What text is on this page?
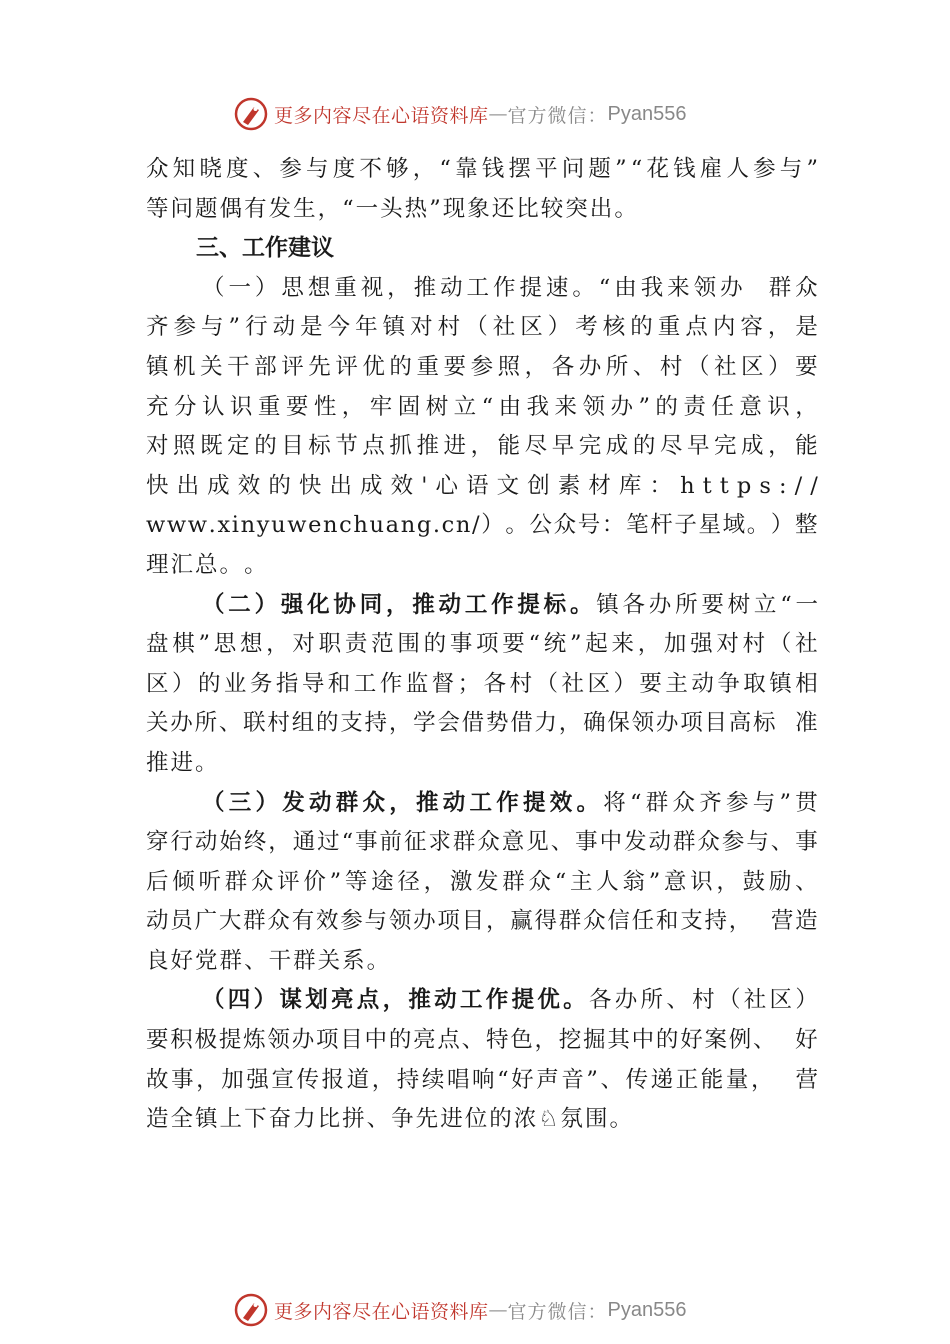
更多内容尽在心语资料库 — 官方微信： Pyan556
众 知 晓 度 、 参 与 度 不 够 ， “ 靠 钱 摆 平 问 题 ” “ 花 钱 雇 人 参 与 ”
等 问 题 偶 有 发 生 ， “ 一 头 热 ” 现 象 还 比 较 突 出 。
三、工作建议
（ 一 ） 思 想 重 视 ， 推 动 工 作 提 速 。 “ 由 我 来 领 办

群 众
齐 参 与 ” 行 动 是 今 年 镇 对 村 （ 社 区 ） 考 核 的 重 点 内 容 ， 是
镇 机 关 干 部 评 先 评 优 的 重 要 参 照 ， 各 办 所 、 村 （ 社 区 ） 要
充 分 认 识 重 要 性 ， 牢 固 树 立 “ 由 我 来 领 办 ” 的 责 任 意 识 ，
对 照 既 定 的 目 标 节 点 抓 推 进 ， 能 尽 早 完 成 的 尽 早 完 成 ， 能
快 出 成 效 的 快 出 成 效 ' 心 语 文 创 素 材 库 ： h t t p s : / /
w w w . x i n y u w e n c h u a n g . c n / ） 。 公 众 号 ： 笔 杆 子 星 域 。 ） 整
理 汇 总 。 。
（ 二 ） 强 化 协 同 ， 推 动 工 作 提 标 。 镇 各 办 所 要 树 立 “ 一
盘 棋 ” 思 想 ， 对 职 责 范 围 的 事 项 要 “ 统 ” 起 来 ， 加 强 对 村 （ 社
区 ） 的 业 务 指 导 和 工 作 监 督 ； 各 村 （ 社 区 ） 要 主 动 争 取 镇 相
关 办 所 、 联 村 组 的 支 持 ， 学 会 借 势 借 力 ， 确 保 领 办 项 目 高 标

准
推 进 。
（ 三 ） 发 动 群 众 ， 推 动 工 作 提 效 。 将 “ 群 众 齐 参 与 ” 贯
穿 行 动 始 终 ， 通 过 “ 事 前 征 求 群 众 意 见 、 事 中 发 动 群 众 参 与 、 事
后 倾 听 群 众 评 价 ” 等 途 径 ， 激 发 群 众 “ 主 人 翁 ” 意 识 ， 鼓 励 、
动 员 广 大 群 众 有 效 参 与 领 办 项 目 ， 赢 得 群 众 信 任 和 支 持 ，

营 造
良 好 党 群 、 干 群 关 系 。
（ 四 ） 谋 划 亮 点 ， 推 动 工 作 提 优 。 各 办 所 、 村 （ 社 区 ）
要 积 极 提 炼 领 办 项 目 中 的 亮 点 、 特 色 ， 挖 掘 其 中 的 好 案 例 、

好
故 事 ， 加 强 宣 传 报 道 ， 持 续 唱 响 “ 好 声 音 ” 、 传 递 正 能 量 ，

营
造 全 镇 上 下 奋 力 比 拼 、 争 先 进 位 的 浓 ♘ 氛 围 。
更多内容尽在心语资料库 — 官方微信： Pyan556
